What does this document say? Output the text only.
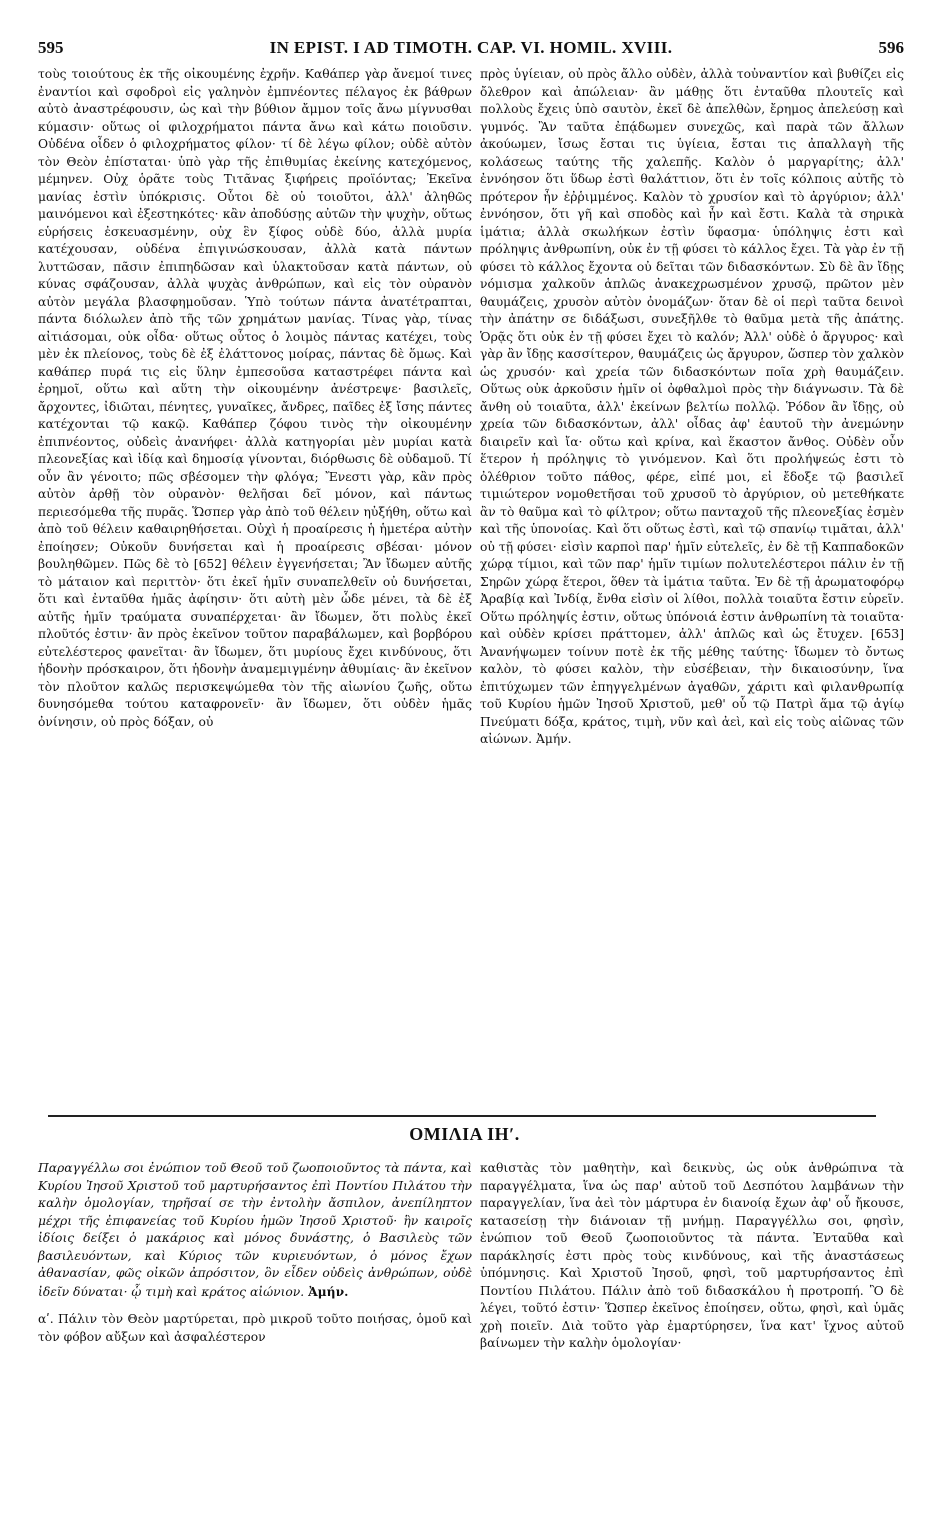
595	IN EPIST. I AD TIMOTH. CAP. VI. HOMIL. XVIII.	596

τοὺς τοιούτους ἐκ τῆς οἰκουμένης ἐχρῆν. Καθάπερ γὰρ ἄνεμοί τινες ἐναντίοι καὶ σφοδροὶ εἰς γαληνὸν ἐμπνέοντες πέλαγος ἐκ βάθρων αὐτὸ ἀναστρέφουσιν, ὡς καὶ τὴν βύθιον ἄμμον τοῖς ἄνω μίγνυσθαι κύμασιν· οὕτως οἱ φιλοχρήματοι πάντα ἄνω καὶ κάτω ποιοῦσιν. Οὐδένα οἶδεν ὁ φιλοχρήματος φίλον· τί δὲ λέγω φίλον; οὐδὲ αὐτὸν τὸν Θεὸν ἐπίσταται· ὑπὸ γὰρ τῆς ἐπιθυμίας ἐκείνης κατεχόμενος, μέμηνεν. Οὐχ ὁρᾶτε τοὺς Τιτᾶνας ξιφήρεις προϊόντας; Ἐκεῖνα μανίας ἐστὶν ὑπόκρισις. Οὗτοι δὲ οὐ τοιοῦτοι, ἀλλ' ἀληθῶς μαινόμενοι καὶ ἐξεστηκότες· κἂν ἀποδύσῃς αὐτῶν τὴν ψυχὴν, οὕτως εὑρήσεις ἐσκευασμένην, οὐχ ἓν ξίφος οὐδὲ δύο, ἀλλὰ μυρία κατέχουσαν, οὐδένα ἐπιγινώσκουσαν, ἀλλὰ κατὰ πάντων λυττῶσαν, πᾶσιν ἐπιπηδῶσαν καὶ ὑλακτοῦσαν κατὰ πάντων, οὐ κύνας σφάζουσαν, ἀλλὰ ψυχὰς ἀνθρώπων, καὶ εἰς τὸν οὐρανὸν αὐτὸν μεγάλα βλασφημοῦσαν. Ὑπὸ τούτων πάντα ἀνατέτραπται, πάντα διόλωλεν ἀπὸ τῆς τῶν χρημάτων μανίας. Τίνας γὰρ, τίνας αἰτιάσομαι, οὐκ οἶδα· οὕτως οὗτος ὁ λοιμὸς πάντας κατέχει, τοὺς μὲν ἐκ πλείονος, τοὺς δὲ ἐξ ἐλάττονος μοίρας, πάντας δὲ ὅμως. Καὶ καθάπερ πυρά τις εἰς ὕλην ἐμπεσοῦσα καταστρέφει πάντα καὶ ἐρημοῖ, οὕτω καὶ αὕτη τὴν οἰκουμένην ἀνέστρεψε· βασιλεῖς, ἄρχοντες, ἰδιῶται, πένητες, γυναῖκες, ἄνδρες, παῖδες ἐξ ἴσης πάντες κατέχονται τῷ κακῷ. Καθάπερ ζόφου τινὸς τὴν οἰκουμένην ἐπιπνέοντος, οὐδεὶς ἀνανήφει· ἀλλὰ κατηγορίαι μὲν μυρίαι κατὰ πλεονεξίας καὶ ἰδίᾳ καὶ δημοσίᾳ γίνονται, διόρθωσις δὲ οὐδαμοῦ. Τί οὖν ἂν γένοιτο; πῶς σβέσομεν τὴν φλόγα; Ἔνεστι γὰρ, κἂν πρὸς αὐτὸν ἀρθῇ τὸν οὐρανὸν· θελῆσαι δεῖ μόνον, καὶ πάντως περιεσόμεθα τῆς πυρᾶς. Ὥσπερ γὰρ ἀπὸ τοῦ θέλειν ηὐξήθη, οὕτω καὶ ἀπὸ τοῦ θέλειν καθαιρηθήσεται. Οὐχὶ ἡ προαίρεσις ἡ ἡμετέρα αὐτὴν ἐποίησεν; Οὐκοῦν δυνήσεται καὶ ἡ προαίρεσις σβέσαι· μόνον βουληθῶμεν. Πῶς δὲ τὸ [652] θέλειν ἐγγενήσεται; Ἂν ἴδωμεν αὐτῆς τὸ μάταιον καὶ περιττὸν· ὅτι ἐκεῖ ἡμῖν συναπελθεῖν οὐ δυνήσεται, ὅτι καὶ ἐνταῦθα ἡμᾶς ἀφίησιν· ὅτι αὐτὴ μὲν ὧδε μένει, τὰ δὲ ἐξ αὐτῆς ἡμῖν τραύματα συναπέρχεται· ἂν ἴδωμεν, ὅτι πολὺς ἐκεῖ πλοῦτός ἐστιν· ἂν πρὸς ἐκεῖνον τοῦτον παραβάλωμεν, καὶ βορβόρου εὐτελέστερος φανεῖται· ἂν ἴδωμεν, ὅτι μυρίους ἔχει κινδύνους, ὅτι ἡδονὴν πρόσκαιρον, ὅτι ἡδονὴν ἀναμεμιγμένην ἀθυμίαις· ἂν ἐκεῖνον τὸν πλοῦτον καλῶς περισκεψώμεθα τὸν τῆς αἰωνίου ζωῆς, οὕτω δυνησόμεθα τούτου καταφρονεῖν· ἂν ἴδωμεν, ὅτι οὐδὲν ἡμᾶς ὀνίνησιν, οὐ πρὸς δόξαν, οὐ

πρὸς ὑγίειαν, οὐ πρὸς ἄλλο οὐδὲν, ἀλλὰ τοὐναντίον καὶ βυθίζει εἰς ὄλεθρον καὶ ἀπώλειαν· ἂν μάθῃς ὅτι ἐνταῦθα πλουτεῖς καὶ πολλοὺς ἔχεις ὑπὸ σαυτὸν, ἐκεῖ δὲ ἀπελθὼν, ἔρημος ἀπελεύσῃ καὶ γυμνός. Ἂν ταῦτα ἐπᾴδωμεν συνεχῶς, καὶ παρὰ τῶν ἄλλων ἀκούωμεν, ἴσως ἔσται τις ὑγίεια, ἔσται τις ἀπαλλαγὴ τῆς κολάσεως ταύτης τῆς χαλεπῆς. Καλὸν ὁ μαργαρίτης; ἀλλ' ἐννόησον ὅτι ὕδωρ ἐστὶ θαλάττιον, ὅτι ἐν τοῖς κόλποις αὐτῆς τὸ πρότερον ἦν ἐῤῥιμμένος. Καλὸν τὸ χρυσίον καὶ τὸ ἀργύριον; ἀλλ' ἐννόησον, ὅτι γῆ καὶ σποδὸς καὶ ἦν καὶ ἔστι. Καλὰ τὰ σηρικὰ ἱμάτια; ἀλλὰ σκωλήκων ἐστὶν ὕφασμα· ὑπόληψις ἐστι καὶ πρόληψις ἀνθρωπίνη, οὐκ ἐν τῇ φύσει τὸ κάλλος ἔχει. Τὰ γὰρ ἐν τῇ φύσει τὸ κάλλος ἔχοντα οὐ δεῖται τῶν διδασκόντων. Σὺ δὲ ἂν ἴδῃς νόμισμα χαλκοῦν ἁπλῶς ἀνακεχρωσμένον χρυσῷ, πρῶτον μὲν θαυμάζεις, χρυσὸν αὐτὸν ὀνομάζων· ὅταν δὲ οἱ περὶ ταῦτα δεινοὶ τὴν ἀπάτην σε διδάξωσι, συνεξῆλθε τὸ θαῦμα μετὰ τῆς ἀπάτης. Ὁρᾷς ὅτι οὐκ ἐν τῇ φύσει ἔχει τὸ καλόν; Ἀλλ' οὐδὲ ὁ ἄργυρος· καὶ γὰρ ἂν ἴδῃς κασσίτερον, θαυμάζεις ὡς ἄργυρον, ὥσπερ τὸν χαλκὸν ὡς χρυσόν· καὶ χρεία τῶν διδασκόντων ποῖα χρὴ θαυμάζειν. Οὕτως οὐκ ἀρκοῦσιν ἡμῖν οἱ ὀφθαλμοὶ πρὸς τὴν διάγνωσιν. Τὰ δὲ ἄνθη οὐ τοιαῦτα, ἀλλ' ἐκείνων βελτίω πολλῷ. Ῥόδον ἂν ἴδῃς, οὐ χρεία τῶν διδασκόντων, ἀλλ' οἶδας ἀφ' ἑαυτοῦ τὴν ἀνεμώνην διαιρεῖν καὶ ἴα· οὕτω καὶ κρίνα, καὶ ἕκαστον ἄνθος. Οὐδὲν οὖν ἕτερον ἡ πρόληψις τὸ γινόμενον. Καὶ ὅτι προλήψεώς ἐστι τὸ ὀλέθριον τοῦτο πάθος, φέρε, εἰπέ μοι, εἰ ἔδοξε τῷ βασιλεῖ τιμιώτερον νομοθετῆσαι τοῦ χρυσοῦ τὸ ἀργύριον, οὐ μετεθήκατε ἂν τὸ θαῦμα καὶ τὸ φίλτρον; οὕτω πανταχοῦ τῆς πλεονεξίας ἐσμὲν καὶ τῆς ὑπονοίας. Καὶ ὅτι οὕτως ἐστὶ, καὶ τῷ σπανίῳ τιμᾶται, ἀλλ' οὐ τῇ φύσει· εἰσὶν καρποὶ παρ' ἡμῖν εὐτελεῖς, ἐν δὲ τῇ Καππαδοκῶν χώρᾳ τίμιοι, καὶ τῶν παρ' ἡμῖν τιμίων πολυτελέστεροι πάλιν ἐν τῇ Σηρῶν χώρᾳ ἕτεροι, ὅθεν τὰ ἱμάτια ταῦτα. Ἐν δὲ τῇ ἀρωματοφόρῳ Ἀραβίᾳ καὶ Ἰνδίᾳ, ἔνθα εἰσὶν οἱ λίθοι, πολλὰ τοιαῦτα ἔστιν εὑρεῖν. Οὕτω πρόληψίς ἐστιν, οὕτως ὑπόνοιά ἐστιν ἀνθρωπίνη τὰ τοιαῦτα· καὶ οὐδὲν κρίσει πράττομεν, ἀλλ' ἁπλῶς καὶ ὡς ἔτυχεν. [653] Ἀνανήψωμεν τοίνυν ποτὲ ἐκ τῆς μέθης ταύτης· ἴδωμεν τὸ ὄντως καλὸν, τὸ φύσει καλὸν, τὴν εὐσέβειαν, τὴν δικαιοσύνην, ἵνα ἐπιτύχωμεν τῶν ἐπηγγελμένων ἀγαθῶν, χάριτι καὶ φιλανθρωπίᾳ τοῦ Κυρίου ἡμῶν Ἰησοῦ Χριστοῦ, μεθ' οὗ τῷ Πατρὶ ἅμα τῷ ἁγίῳ Πνεύματι δόξα, κράτος, τιμὴ, νῦν καὶ ἀεὶ, καὶ εἰς τοὺς αἰῶνας τῶν αἰώνων. Ἀμήν.

ΟΜΙΛΙΑ ΙΗʹ.

Παραγγέλλω σοι ἐνώπιον τοῦ Θεοῦ τοῦ ζωοποιοῦντος τὰ πάντα, καὶ Κυρίου Ἰησοῦ Χριστοῦ τοῦ μαρτυρήσαντος ἐπὶ Ποντίου Πιλάτου τὴν καλὴν ὁμολογίαν, τηρῆσαί σε τὴν ἐντολὴν ἄσπιλον, ἀνεπίληπτον μέχρι τῆς ἐπιφανείας τοῦ Κυρίου ἡμῶν Ἰησοῦ Χριστοῦ· ἣν καιροῖς ἰδίοις δείξει ὁ μακάριος καὶ μόνος δυνάστης, ὁ Βασιλεὺς τῶν βασιλευόντων, καὶ Κύριος τῶν κυριευόντων, ὁ μόνος ἔχων ἀθανασίαν, φῶς οἰκῶν ἀπρόσιτον, ὃν εἶδεν οὐδεὶς ἀνθρώπων, οὐδὲ ἰδεῖν δύναται· ᾧ τιμὴ καὶ κράτος αἰώνιον. Ἀμήν.

αʹ. Πάλιν τὸν Θεὸν μαρτύρεται, πρὸ μικροῦ τοῦτο ποιήσας, ὁμοῦ καὶ τὸν φόβον αὔξων καὶ ἀσφαλέστερον

καθιστὰς τὸν μαθητὴν, καὶ δεικνὺς, ὡς οὐκ ἀνθρώπινα τὰ παραγγέλματα, ἵνα ὡς παρ' αὐτοῦ τοῦ Δεσπότου λαμβάνων τὴν παραγγελίαν, ἵνα ἀεὶ τὸν μάρτυρα ἐν διανοίᾳ ἔχων ἀφ' οὗ ἤκουσε, κατασείσῃ τὴν διάνοιαν τῇ μνήμῃ. Παραγγέλλω σοι, φησὶν, ἐνώπιον τοῦ Θεοῦ ζωοποιοῦντος τὰ πάντα. Ἐνταῦθα καὶ παράκλησίς ἐστι πρὸς τοὺς κινδύνους, καὶ τῆς ἀναστάσεως ὑπόμνησις. Καὶ Χριστοῦ Ἰησοῦ, φησὶ, τοῦ μαρτυρήσαντος ἐπὶ Ποντίου Πιλάτου. Πάλιν ἀπὸ τοῦ διδασκάλου ἡ προτροπή. Ὃ δὲ λέγει, τοῦτό ἐστιν· Ὥσπερ ἐκεῖνος ἐποίησεν, οὕτω, φησὶ, καὶ ὑμᾶς χρὴ ποιεῖν. Διὰ τοῦτο γὰρ ἐμαρτύρησεν, ἵνα κατ' ἴχνος αὐτοῦ βαίνωμεν τὴν καλὴν ὁμολογίαν·
